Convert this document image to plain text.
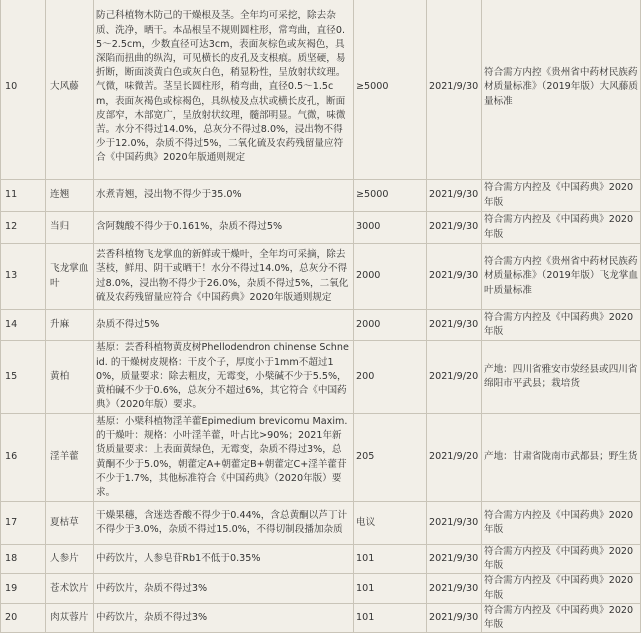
10	大风藤	防己科植物木防己的干燥根及茎。全年均可采挖，除去杂质、洗净，晒干。本品根呈不规则圆柱形，常弯曲，直径0.5～2.5cm，少数直径可达3cm，表面灰棕色或灰褐色，具深陷而扭曲的纵沟，可见横长的皮孔及支根痕。质坚硬，易折断，断面淡黄白色或灰白色，稍显粉性，呈放射状纹理。气微，味微苦。茎呈长圆柱形，稍弯曲，直径0.5～1.5cm，表面灰褐色或棕褐色，具纵棱及点状或横长皮孔，断面皮部窄，木部宽广，呈放射状纹理，髓部明显。气微，味微苦。水分不得过14.0%，总灰分不得过8.0%，浸出物不得少于12.0%，杂质不得过5%，二氧化硫及农药残留量应符合《中国药典》2020年版通则规定	≥5000	2021/9/30	符合需方内控《贵州省中药材民族药材质量标准》（2019年版）大风藤质量标准
11	连翘	水煮青翘，浸出物不得少于35.0%	≥5000	2021/9/30	符合需方内控及《中国药典》2020年版
12	当归	含阿魏酸不得少于0.161%，杂质不得过5%	3000	2021/9/30	符合需方内控及《中国药典》2020年版
13	飞龙掌血叶	芸香科植物飞龙掌血的新鲜或干燥叶，全年均可采摘，除去茎枝，鲜用、阴干或晒干！水分不得过14.0%，总灰分不得过8.0%，浸出物不得少于26.0%，杂质不得过5%，二氧化硫及农药残留量应符合《中国药典》2020年版通则规定	2000	2021/9/30	符合需方内控《贵州省中药材民族药材质量标准》（2019年版）飞龙掌血叶质量标准
14	升麻	杂质不得过5%	2000	2021/9/30	符合需方内控及《中国药典》2020年版
15	黄柏	基原：芸香科植物黄皮树Phellodendron chinense Schneid. 的干燥树皮规格：干皮个子，厚度小于1mm不超过10%，质量要求：除去粗皮，无霉变，小檗碱不少于5.5%，黄柏碱不少于0.6%，总灰分不超过6%，其它符合《中国药典》（2020年版）要求。	200	2021/9/20	产地：四川省雅安市荥经县或四川省绵阳市平武县；栽培货
16	淫羊藿	基原：小檗科植物淫羊藿Epimedium brevicomu Maxim. 的干燥叶：规格：小叶淫羊藿，叶占比>90%；2021年新货质量要求：上表面黄绿色，无霉变，杂质不得过3%，总黄酮不少于5.0%，朝藿定A+朝藿定B+朝藿定C+淫羊藿苷不少于1.7%，其他标准符合《中国药典》（2020年版）要求。	205	2021/9/20	产地：甘肃省陇南市武都县；野生货
17	夏枯草	干燥果穗，含迷迭香酸不得少于0.44%，含总黄酮以芦丁计不得少于3.0%，杂质不得过15.0%，不得切制段播加杂质	电议	2021/9/30	符合需方内控及《中国药典》2020年版
18	人参片	中药饮片，人参皂苷Rb1不低于0.35%	101	2021/9/30	符合需方内控及《中国药典》2020年版
19	苍术饮片	中药饮片，杂质不得过3%	101	2021/9/30	符合需方内控及《中国药典》2020年版
20	肉苁蓉片	中药饮片，杂质不得过3%	101	2021/9/30	符合需方内控及《中国药典》2020年版
